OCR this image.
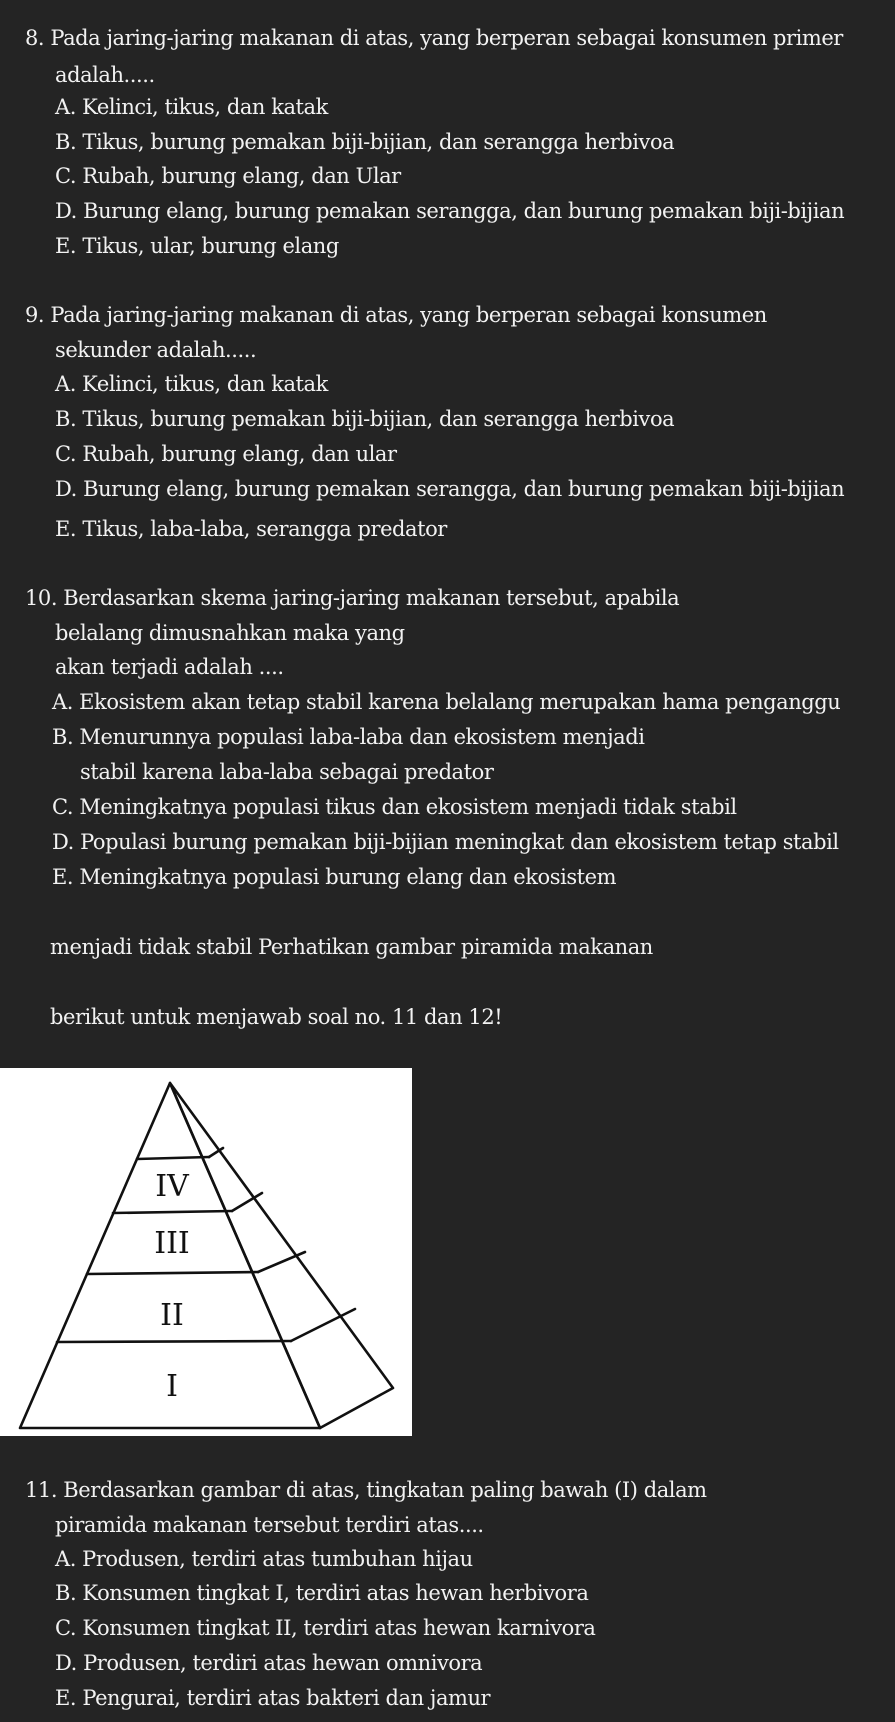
8. Pada jaring-jaring makanan di atas, yang berperan sebagai konsumen primer
adalah.....
A. Kelinci, tikus, dan katak
B. Tikus, burung pemakan biji-bijian, dan serangga herbivoa
C. Rubah, burung elang, dan Ular
D. Burung elang, burung pemakan serangga, dan burung pemakan biji-bijian
E. Tikus, ular, burung elang
9. Pada jaring-jaring makanan di atas, yang berperan sebagai konsumen
sekunder adalah.....
A. Kelinci, tikus, dan katak
B. Tikus, burung pemakan biji-bijian, dan serangga herbivoa
C. Rubah, burung elang, dan ular
D. Burung elang, burung pemakan serangga, dan burung pemakan biji-bijian
E. Tikus, laba-laba, serangga predator
10. Berdasarkan skema jaring-jaring makanan tersebut, apabila
belalang dimusnahkan maka yang
akan terjadi adalah ....
A. Ekosistem akan tetap stabil karena belalang merupakan hama penganggu
B. Menurunnya populasi laba-laba dan ekosistem menjadi
stabil karena laba-laba sebagai predator
C. Meningkatnya populasi tikus dan ekosistem menjadi tidak stabil
D. Populasi burung pemakan biji-bijian meningkat dan ekosistem tetap stabil
E. Meningkatnya populasi burung elang dan ekosistem
menjadi tidak stabil Perhatikan gambar piramida makanan
berikut untuk menjawab soal no. 11 dan 12!
IV
III
II
I
11. Berdasarkan gambar di atas, tingkatan paling bawah (I) dalam
piramida makanan tersebut terdiri atas....
A. Produsen, terdiri atas tumbuhan hijau
B. Konsumen tingkat I, terdiri atas hewan herbivora
C. Konsumen tingkat II, terdiri atas hewan karnivora
D. Produsen, terdiri atas hewan omnivora
E. Pengurai, terdiri atas bakteri dan jamur
